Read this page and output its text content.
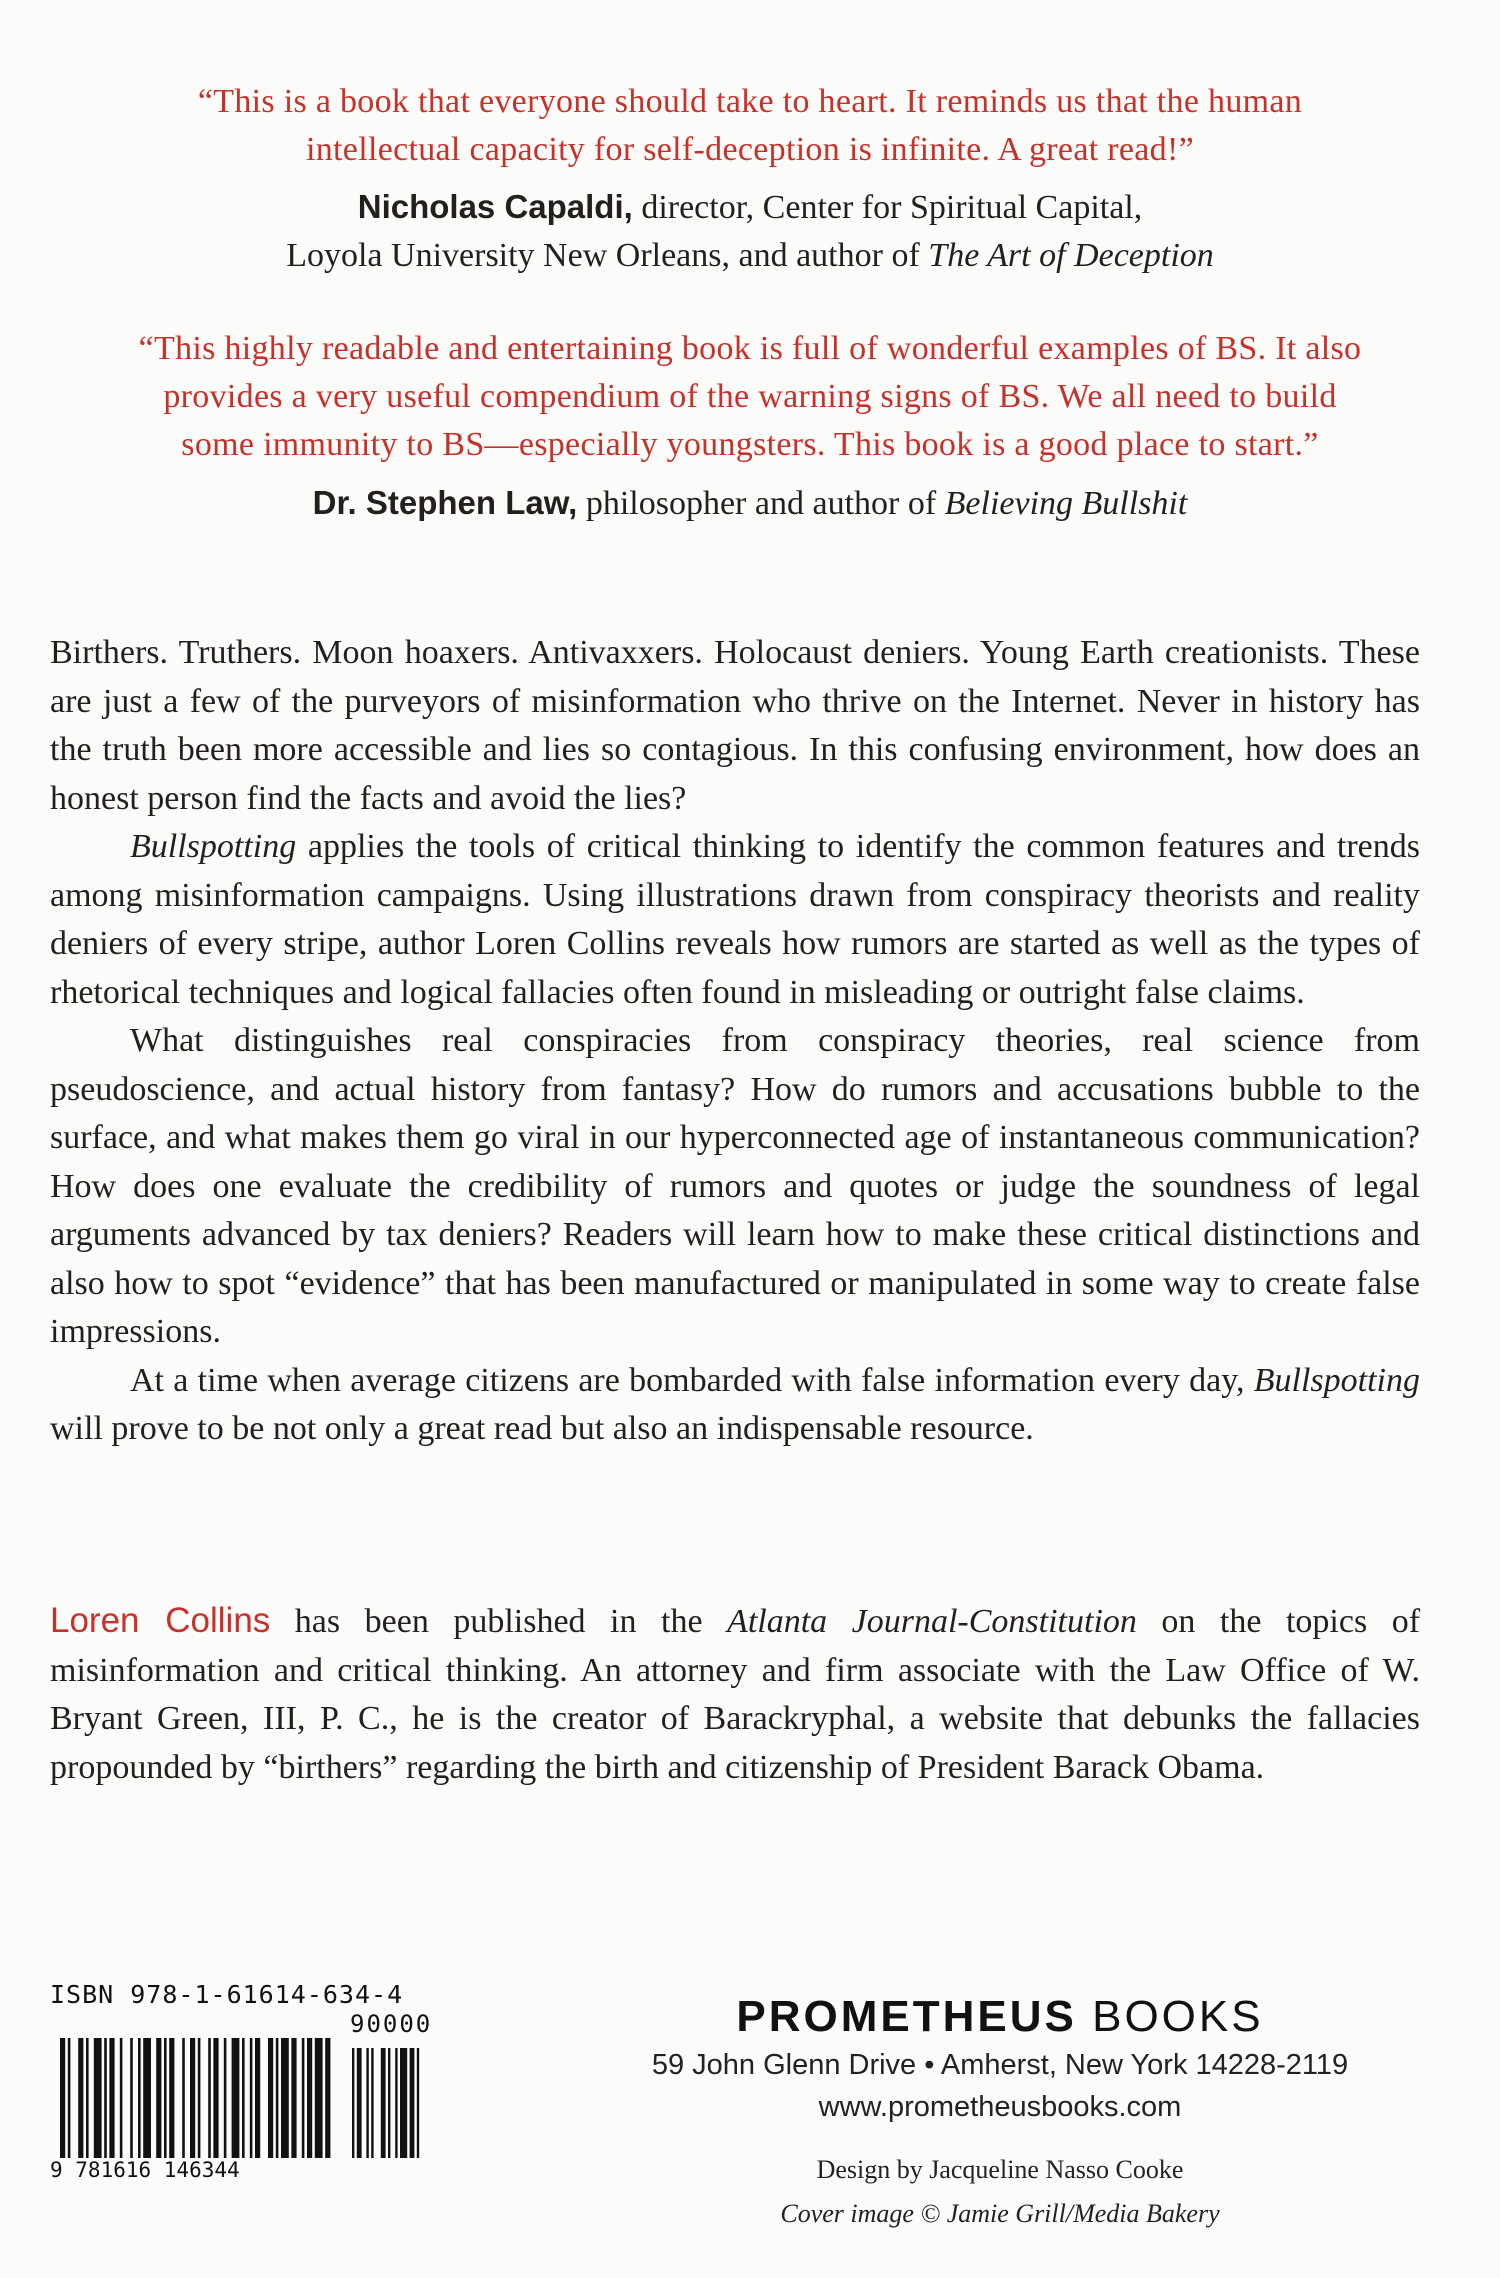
“This is a book that everyone should take to heart. It reminds us that the human
intellectual capacity for self-deception is infinite. A great read!”
Nicholas Capaldi, director, Center for Spiritual Capital,
Loyola University New Orleans, and author of The Art of Deception
“This highly readable and entertaining book is full of wonderful examples of BS. It also
provides a very useful compendium of the warning signs of BS. We all need to build
some immunity to BS—especially youngsters. This book is a good place to start.”
Dr. Stephen Law, philosopher and author of Believing Bullshit

Birthers. Truthers. Moon hoaxers. Antivaxxers. Holocaust deniers. Young Earth creationists. These are just a few of the purveyors of misinformation who thrive on the Internet. Never in history has the truth been more accessible and lies so contagious. In this confusing environment, how does an honest person find the facts and avoid the lies?

Bullspotting applies the tools of critical thinking to identify the common features and trends among misinformation campaigns. Using illustrations drawn from conspiracy theorists and reality deniers of every stripe, author Loren Collins reveals how rumors are started as well as the types of rhetorical techniques and logical fallacies often found in misleading or outright false claims.

What distinguishes real conspiracies from conspiracy theories, real science from pseudoscience, and actual history from fantasy? How do rumors and accusations bubble to the surface, and what makes them go viral in our hyperconnected age of instantaneous communication? How does one evaluate the credibility of rumors and quotes or judge the soundness of legal arguments advanced by tax deniers? Readers will learn how to make these critical distinctions and also how to spot “evidence” that has been manufactured or manipulated in some way to create false impressions.

At a time when average citizens are bombarded with false information every day, Bullspotting will prove to be not only a great read but also an indispensable resource.

Loren Collins has been published in the Atlanta Journal-Constitution on the topics of misinformation and critical thinking. An attorney and firm associate with the Law Office of W. Bryant Green, III, P. C., he is the creator of Barackryphal, a website that debunks the fallacies propounded by “birthers” regarding the birth and citizenship of President Barack Obama.
ISBN 978-1-61614-634-4
90000
9 781616 146344
PROMETHEUS BOOKS
59 John Glenn Drive • Amherst, New York 14228-2119
www.prometheusbooks.com
Design by Jacqueline Nasso Cooke
Cover image © Jamie Grill/Media Bakery
